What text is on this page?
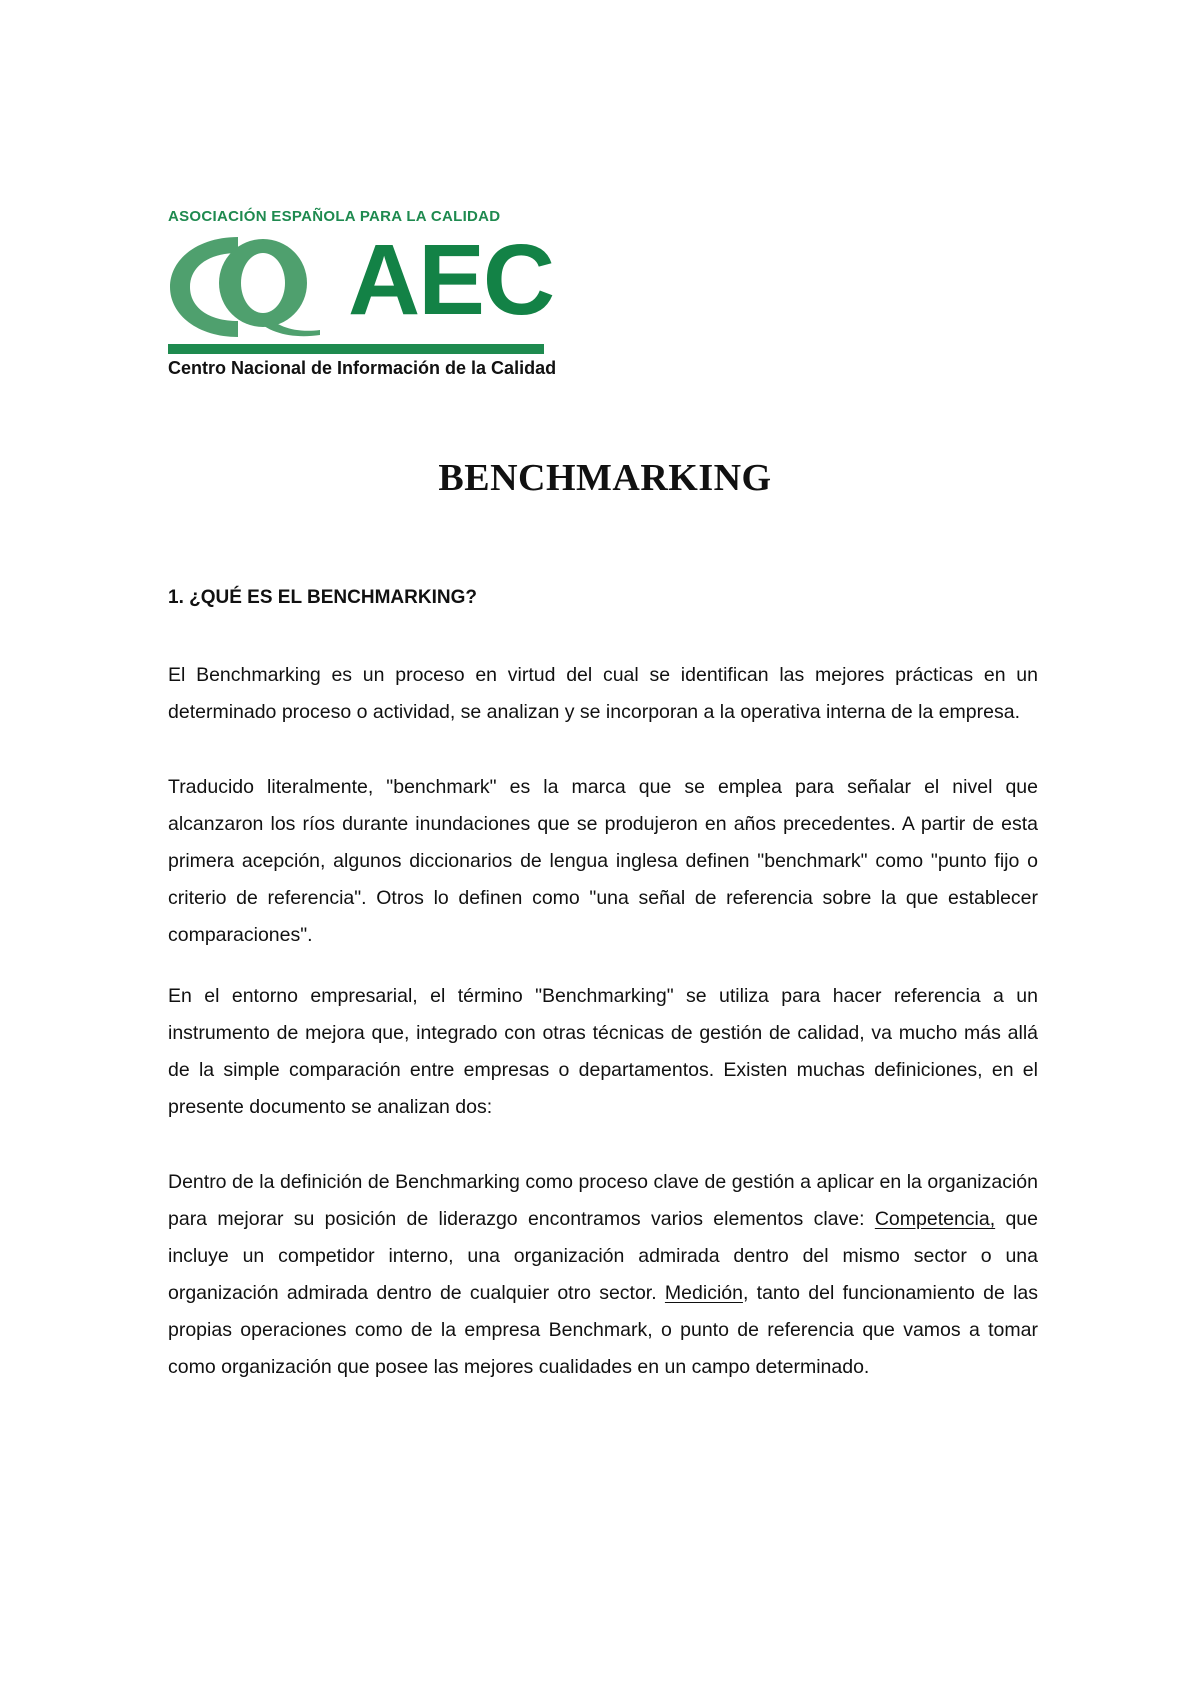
ASOCIACIÓN ESPAÑOLA PARA LA CALIDAD
AEC
Centro Nacional de Información de la Calidad
BENCHMARKING
1. ¿QUÉ ES EL BENCHMARKING?

El Benchmarking es un proceso en virtud del cual se identifican las mejores prácticas en un determinado proceso o actividad, se analizan y se incorporan a la operativa interna de la empresa.

Traducido literalmente, "benchmark" es la marca que se emplea para señalar el nivel que alcanzaron los ríos durante inundaciones que se produjeron en años precedentes. A partir de esta primera acepción, algunos diccionarios de lengua inglesa definen "benchmark" como "punto fijo o criterio de referencia". Otros lo definen como "una señal de referencia sobre la que establecer comparaciones".

En el entorno empresarial, el término "Benchmarking" se utiliza para hacer referencia a un instrumento de mejora que, integrado con otras técnicas de gestión de calidad, va mucho más allá de la simple comparación entre empresas o departamentos. Existen muchas definiciones, en el presente documento se analizan dos:

Dentro de la definición de Benchmarking como proceso clave de gestión a aplicar en la organización para mejorar su posición de liderazgo encontramos varios elementos clave: Competencia, que incluye un competidor interno, una organización admirada dentro del mismo sector o una organización admirada dentro de cualquier otro sector. Medición, tanto del funcionamiento de las propias operaciones como de la empresa Benchmark, o punto de referencia que vamos a tomar como organización que posee las mejores cualidades en un campo determinado.
